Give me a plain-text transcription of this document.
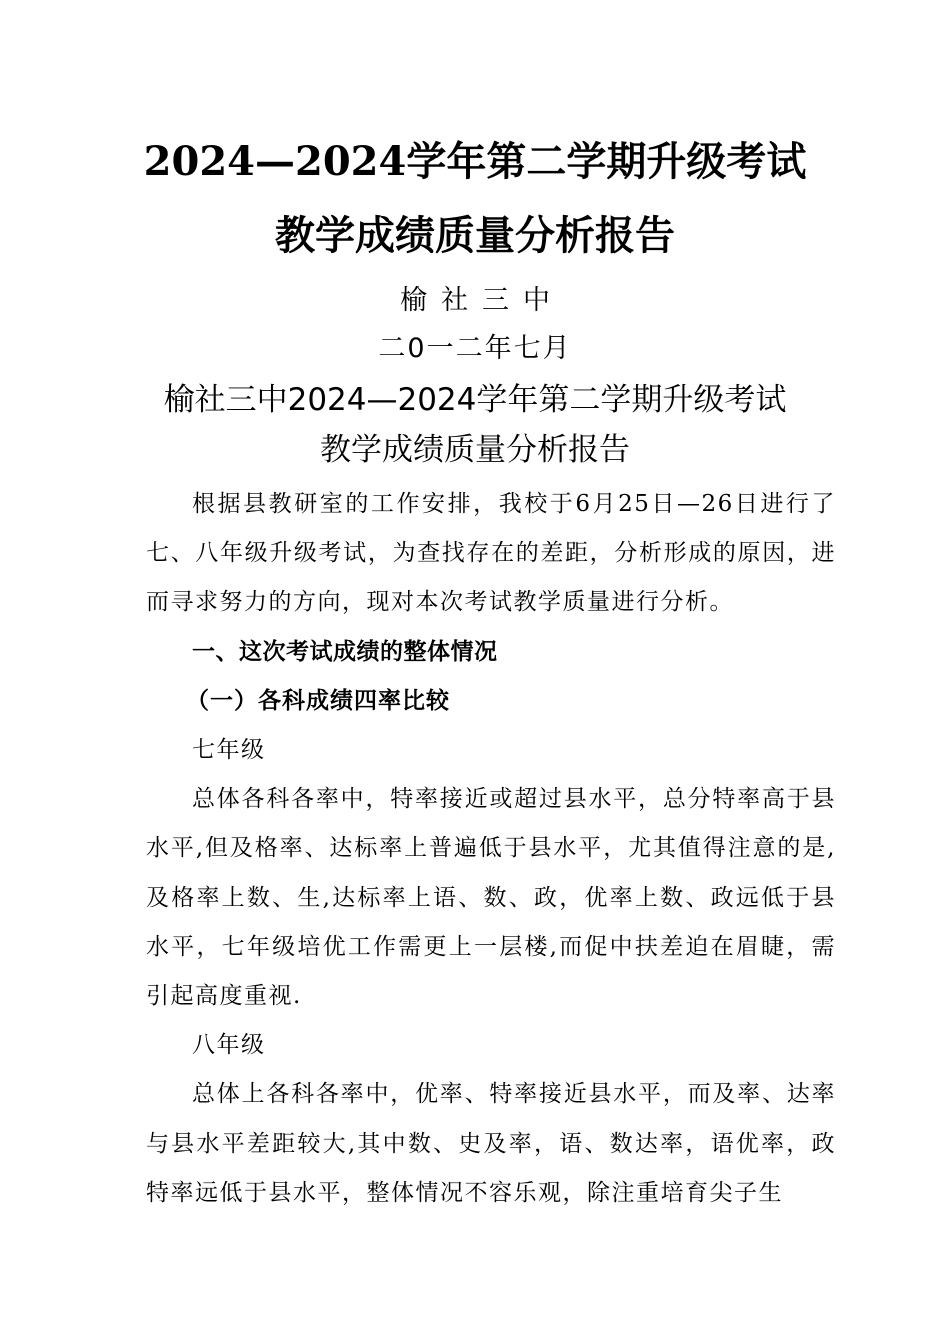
2024—2024学年第二学期升级考试
教学成绩质量分析报告
榆社三中
二0一二年七月
榆社三中2024—2024学年第二学期升级考试
教学成绩质量分析报告

根据县教研室的工作安排，我校于6月25日—26日进行了七、八年级升级考试，为查找存在的差距，分析形成的原因，进而寻求努力的方向，现对本次考试教学质量进行分析。

一、这次考试成绩的整体情况

（一）各科成绩四率比较

七年级

总体各科各率中，特率接近或超过县水平，总分特率高于县水平,但及格率、达标率上普遍低于县水平，尤其值得注意的是,及格率上数、生,达标率上语、数、政，优率上数、政远低于县水平，七年级培优工作需更上一层楼,而促中扶差迫在眉睫，需引起高度重视.

八年级

总体上各科各率中，优率、特率接近县水平，而及率、达率与县水平差距较大,其中数、史及率，语、数达率，语优率，政特率远低于县水平，整体情况不容乐观，除注重培育尖子生
